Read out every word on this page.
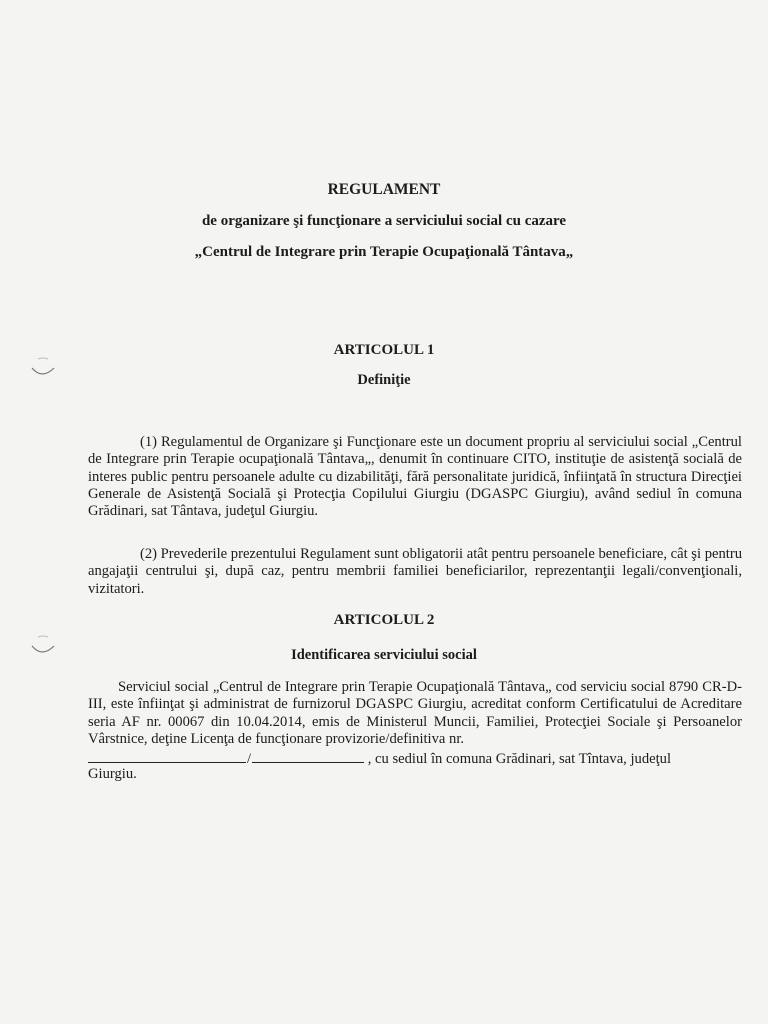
REGULAMENT
de organizare şi funcţionare a serviciului social cu cazare
„Centrul de Integrare prin Terapie Ocupaţională Tântava„
ARTICOLUL 1
Definiţie

(1) Regulamentul de Organizare şi Funcţionare este un document propriu al serviciului social „Centrul de Integrare prin Terapie ocupaţională Tântava„, denumit în continuare CITO, instituţie de asistenţă socială de interes public pentru persoanele adulte cu dizabilităţi, fără personalitate juridică, înfiinţată în structura Direcţiei Generale de Asistenţă Socială şi Protecţia Copilului Giurgiu (DGASPC Giurgiu), având sediul în comuna Grădinari, sat Tântava, judeţul Giurgiu.

(2) Prevederile prezentului Regulament sunt obligatorii atât pentru persoanele beneficiare, cât şi pentru angajaţii centrului şi, după caz, pentru membrii familiei beneficiarilor, reprezentanţii legali/convenţionali, vizitatori.

ARTICOLUL 2
Identificarea serviciului social

Serviciul social „Centrul de Integrare prin Terapie Ocupaţională Tântava„ cod serviciu social 8790 CR-D-III, este înfiinţat şi administrat de furnizorul DGASPC Giurgiu, acreditat conform Certificatului de Acreditare seria AF nr. 00067 din 10.04.2014, emis de Ministerul Muncii, Familiei, Protecţiei Sociale şi Persoanelor Vârstnice, deţine Licenţa de funcţionare provizorie/definitiva nr.

/	, cu sediul în comuna Grădinari, sat Tîntava, judeţul
Giurgiu.
